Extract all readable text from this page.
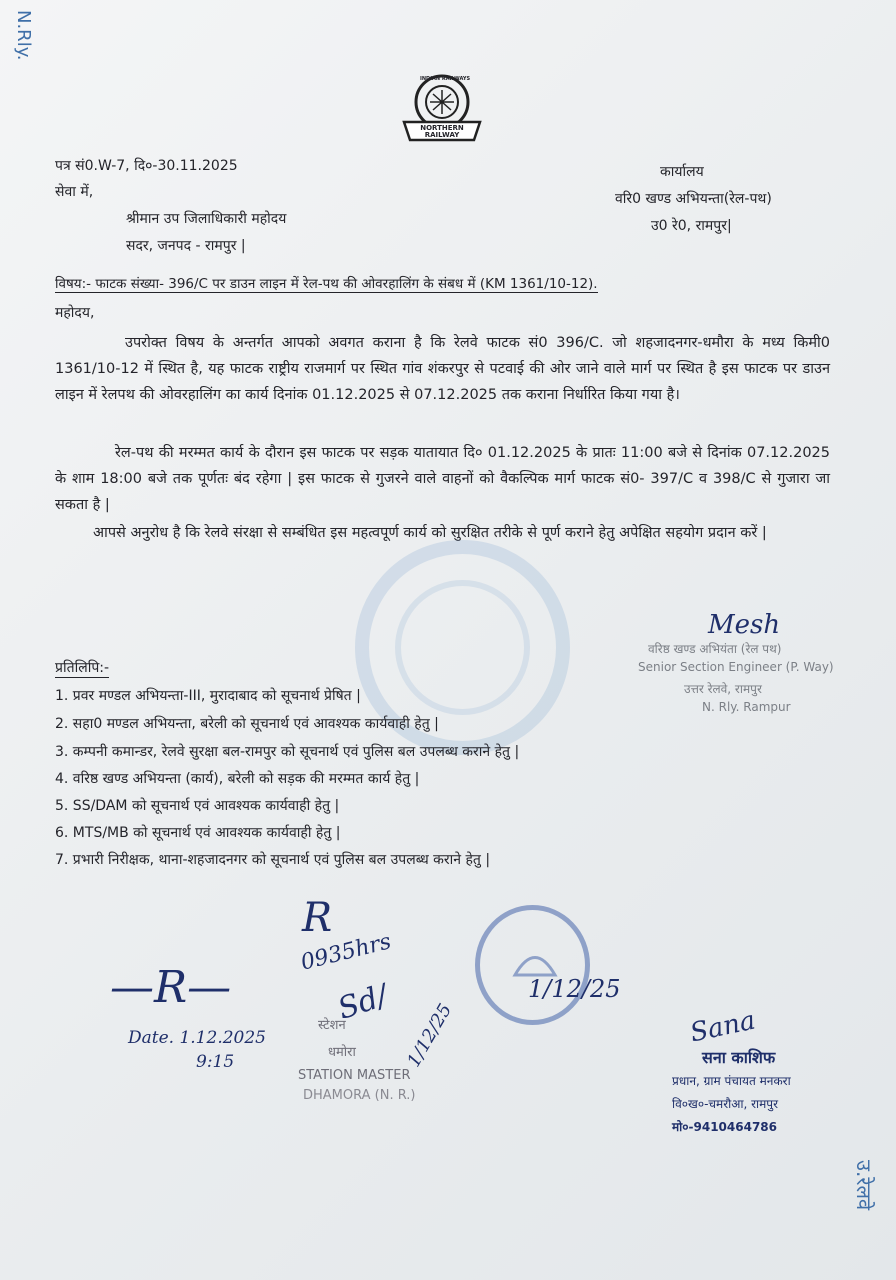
N.Rly.
उ.रेलवे
INDIAN RAILWAYS
NORTHERN RAILWAY
पत्र सं0.W-7, दि०-30.11.2025
सेवा में,
श्रीमान उप जिलाधिकारी महोदय
सदर, जनपद - रामपुर |
कार्यालय
वरि0 खण्ड अभियन्ता(रेल-पथ)
उ0 रे0, रामपुर|
विषय:- फाटक संख्या- 396/C पर डाउन लाइन में रेल-पथ की ओवरहालिंग के संबध में (KM 1361/10-12).
महोदय,
उपरोक्त विषय के अन्तर्गत आपको अवगत कराना है कि रेलवे फाटक सं0 396/C. जो शहजादनगर-धमौरा के मध्य किमी0 1361/10-12 में स्थित है, यह फाटक राष्ट्रीय राजमार्ग पर स्थित गांव शंकरपुर से पटवाई की ओर जाने वाले मार्ग पर स्थित है इस फाटक पर डाउन लाइन में रेलपथ की ओवरहालिंग का कार्य दिनांक 01.12.2025 से 07.12.2025 तक कराना निर्धारित किया गया है।
रेल-पथ की मरम्मत कार्य के दौरान इस फाटक पर सड़क यातायात दि० 01.12.2025 के प्रातः 11:00 बजे से दिनांक 07.12.2025 के शाम 18:00 बजे तक पूर्णतः बंद रहेगा | इस फाटक से गुजरने वाले वाहनों को वैकल्पिक मार्ग फाटक सं0- 397/C व 398/C से गुजारा जा सकता है |
आपसे अनुरोध है कि रेलवे संरक्षा से सम्बंधित इस महत्वपूर्ण कार्य को सुरक्षित तरीके से पूर्ण कराने हेतु अपेक्षित सहयोग प्रदान करें |
Mesh
वरिष्ठ खण्ड अभियंता (रेल पथ)
Senior Section Engineer (P. Way)
उत्तर रेलवे, रामपुर
N. Rly. Rampur
प्रतिलिपि:-
1. प्रवर मण्डल अभियन्ता-III, मुरादाबाद को सूचनार्थ प्रेषित |
2. सहा0 मण्डल अभियन्ता, बरेली को सूचनार्थ एवं आवश्यक कार्यवाही हेतु |
3. कम्पनी कमान्डर, रेलवे सुरक्षा बल-रामपुर को सूचनार्थ एवं पुलिस बल उपलब्ध कराने हेतु |
4. वरिष्ठ खण्ड अभियन्ता (कार्य), बरेली को सड़क की मरम्मत कार्य हेतु |
5. SS/DAM को सूचनार्थ एवं आवश्यक कार्यवाही हेतु |
6. MTS/MB को सूचनार्थ एवं आवश्यक कार्यवाही हेतु |
7. प्रभारी निरीक्षक, थाना-शहजादनगर को सूचनार्थ एवं पुलिस बल उपलब्ध कराने हेतु |
—R—
Date. 1.12.2025
9:15
R
0935hrs
स्टेशन
धमोरा
STATION MASTER
DHAMORA (N. R.)
Sd/ 1/12/25
1/12/25
Sana
सना काशिफ
प्रधान, ग्राम पंचायत मनकरा
वि०ख०-चमरौआ, रामपुर
मो०-9410464786
